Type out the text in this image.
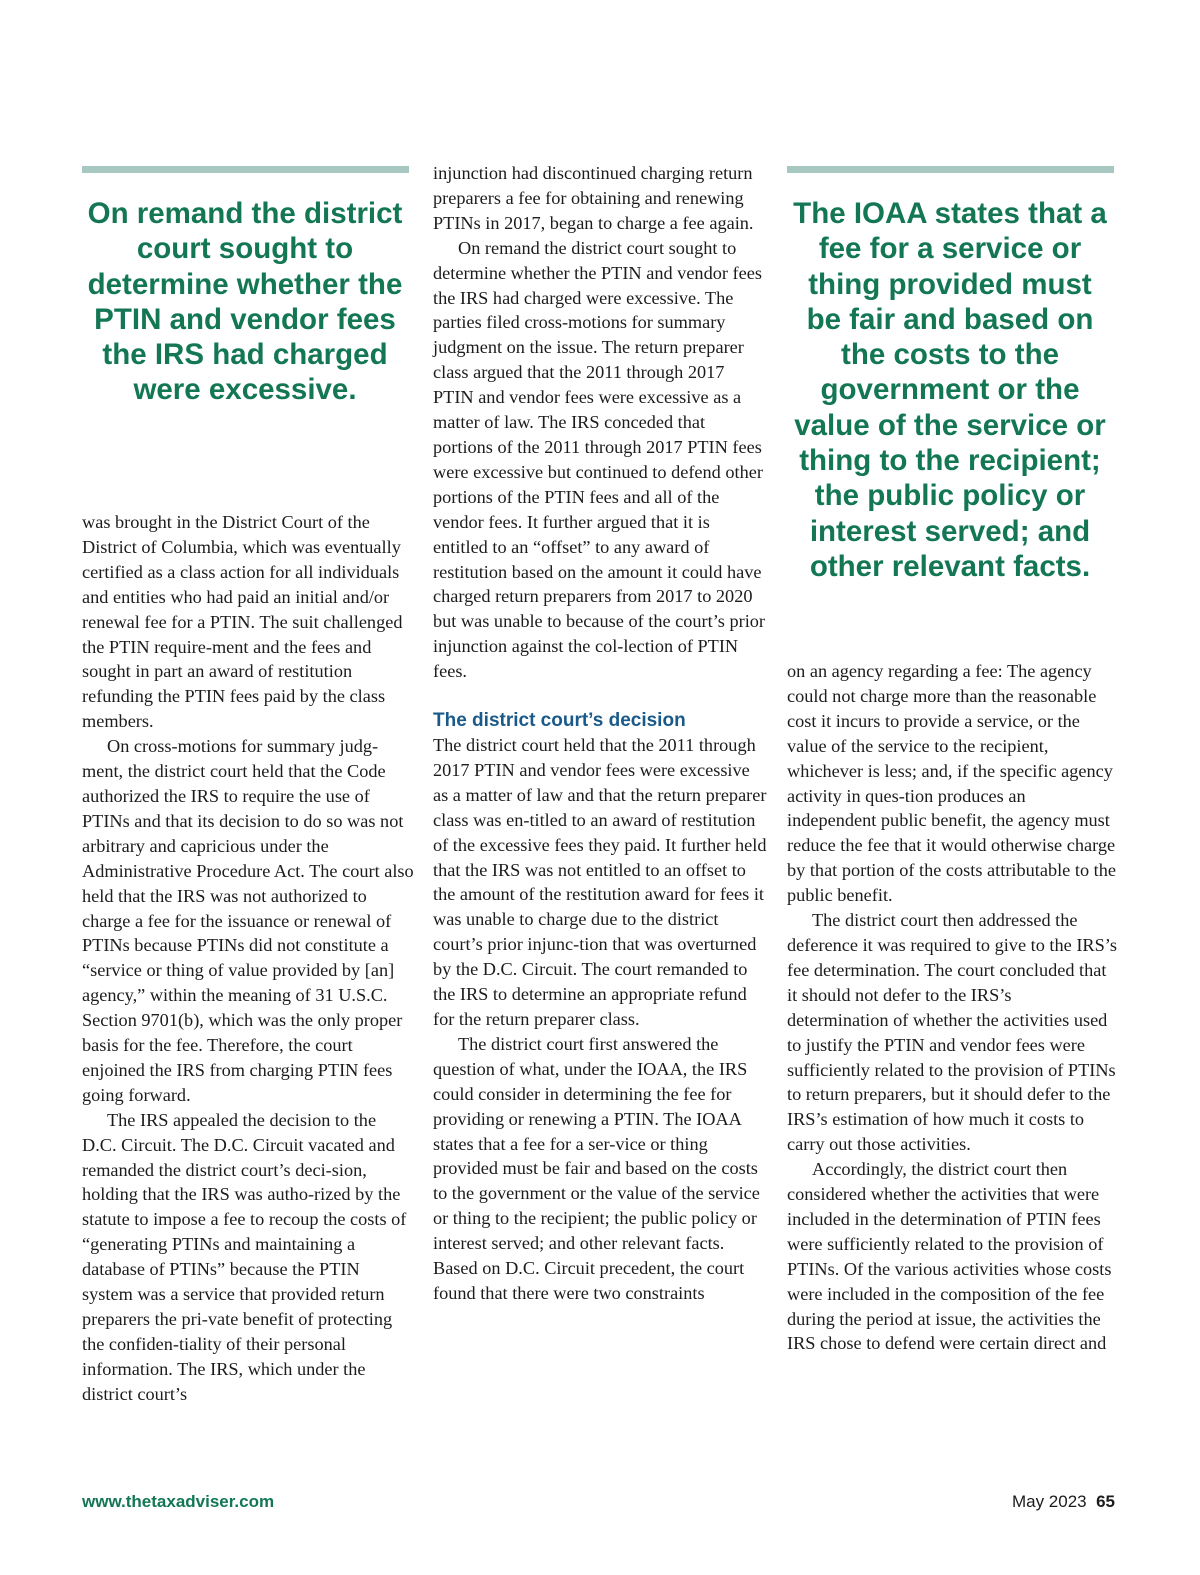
On remand the district court sought to determine whether the PTIN and vendor fees the IRS had charged were excessive.

was brought in the District Court of the District of Columbia, which was eventually certified as a class action for all individuals and entities who had paid an initial and/or renewal fee for a PTIN. The suit challenged the PTIN require-ment and the fees and sought in part an award of restitution refunding the PTIN fees paid by the class members.

On cross-motions for summary judg-ment, the district court held that the Code authorized the IRS to require the use of PTINs and that its decision to do so was not arbitrary and capricious under the Administrative Procedure Act. The court also held that the IRS was not authorized to charge a fee for the issuance or renewal of PTINs because PTINs did not constitute a “service or thing of value provided by [an] agency,” within the meaning of 31 U.S.C. Section 9701(b), which was the only proper basis for the fee. Therefore, the court enjoined the IRS from charging PTIN fees going forward.

The IRS appealed the decision to the D.C. Circuit. The D.C. Circuit vacated and remanded the district court’s deci-sion, holding that the IRS was autho-rized by the statute to impose a fee to recoup the costs of “generating PTINs and maintaining a database of PTINs” because the PTIN system was a service that provided return preparers the pri-vate benefit of protecting the confiden-tiality of their personal information. The IRS, which under the district court’s

injunction had discontinued charging return preparers a fee for obtaining and renewing PTINs in 2017, began to charge a fee again.

On remand the district court sought to determine whether the PTIN and vendor fees the IRS had charged were excessive. The parties filed cross-motions for summary judgment on the issue. The return preparer class argued that the 2011 through 2017 PTIN and vendor fees were excessive as a matter of law. The IRS conceded that portions of the 2011 through 2017 PTIN fees were excessive but continued to defend other portions of the PTIN fees and all of the vendor fees. It further argued that it is entitled to an “offset” to any award of restitution based on the amount it could have charged return preparers from 2017 to 2020 but was unable to because of the court’s prior injunction against the col-lection of PTIN fees.

The district court’s decision

The district court held that the 2011 through 2017 PTIN and vendor fees were excessive as a matter of law and that the return preparer class was en-titled to an award of restitution of the excessive fees they paid. It further held that the IRS was not entitled to an offset to the amount of the restitution award for fees it was unable to charge due to the district court’s prior injunc-tion that was overturned by the D.C. Circuit. The court remanded to the IRS to determine an appropriate refund for the return preparer class.

The district court first answered the question of what, under the IOAA, the IRS could consider in determining the fee for providing or renewing a PTIN. The IOAA states that a fee for a ser-vice or thing provided must be fair and based on the costs to the government or the value of the service or thing to the recipient; the public policy or interest served; and other relevant facts. Based on D.C. Circuit precedent, the court found that there were two constraints

The IOAA states that a fee for a service or thing provided must be fair and based on the costs to the government or the value of the service or thing to the recipient; the public policy or interest served; and other relevant facts.

on an agency regarding a fee: The agency could not charge more than the reasonable cost it incurs to provide a service, or the value of the service to the recipient, whichever is less; and, if the specific agency activity in ques-tion produces an independent public benefit, the agency must reduce the fee that it would otherwise charge by that portion of the costs attributable to the public benefit.

The district court then addressed the deference it was required to give to the IRS’s fee determination. The court concluded that it should not defer to the IRS’s determination of whether the activities used to justify the PTIN and vendor fees were sufficiently related to the provision of PTINs to return preparers, but it should defer to the IRS’s estimation of how much it costs to carry out those activities.

Accordingly, the district court then considered whether the activities that were included in the determination of PTIN fees were sufficiently related to the provision of PTINs. Of the various activities whose costs were included in the composition of the fee during the period at issue, the activities the IRS chose to defend were certain direct and

www.thetaxadviser.com	May 2023 65
